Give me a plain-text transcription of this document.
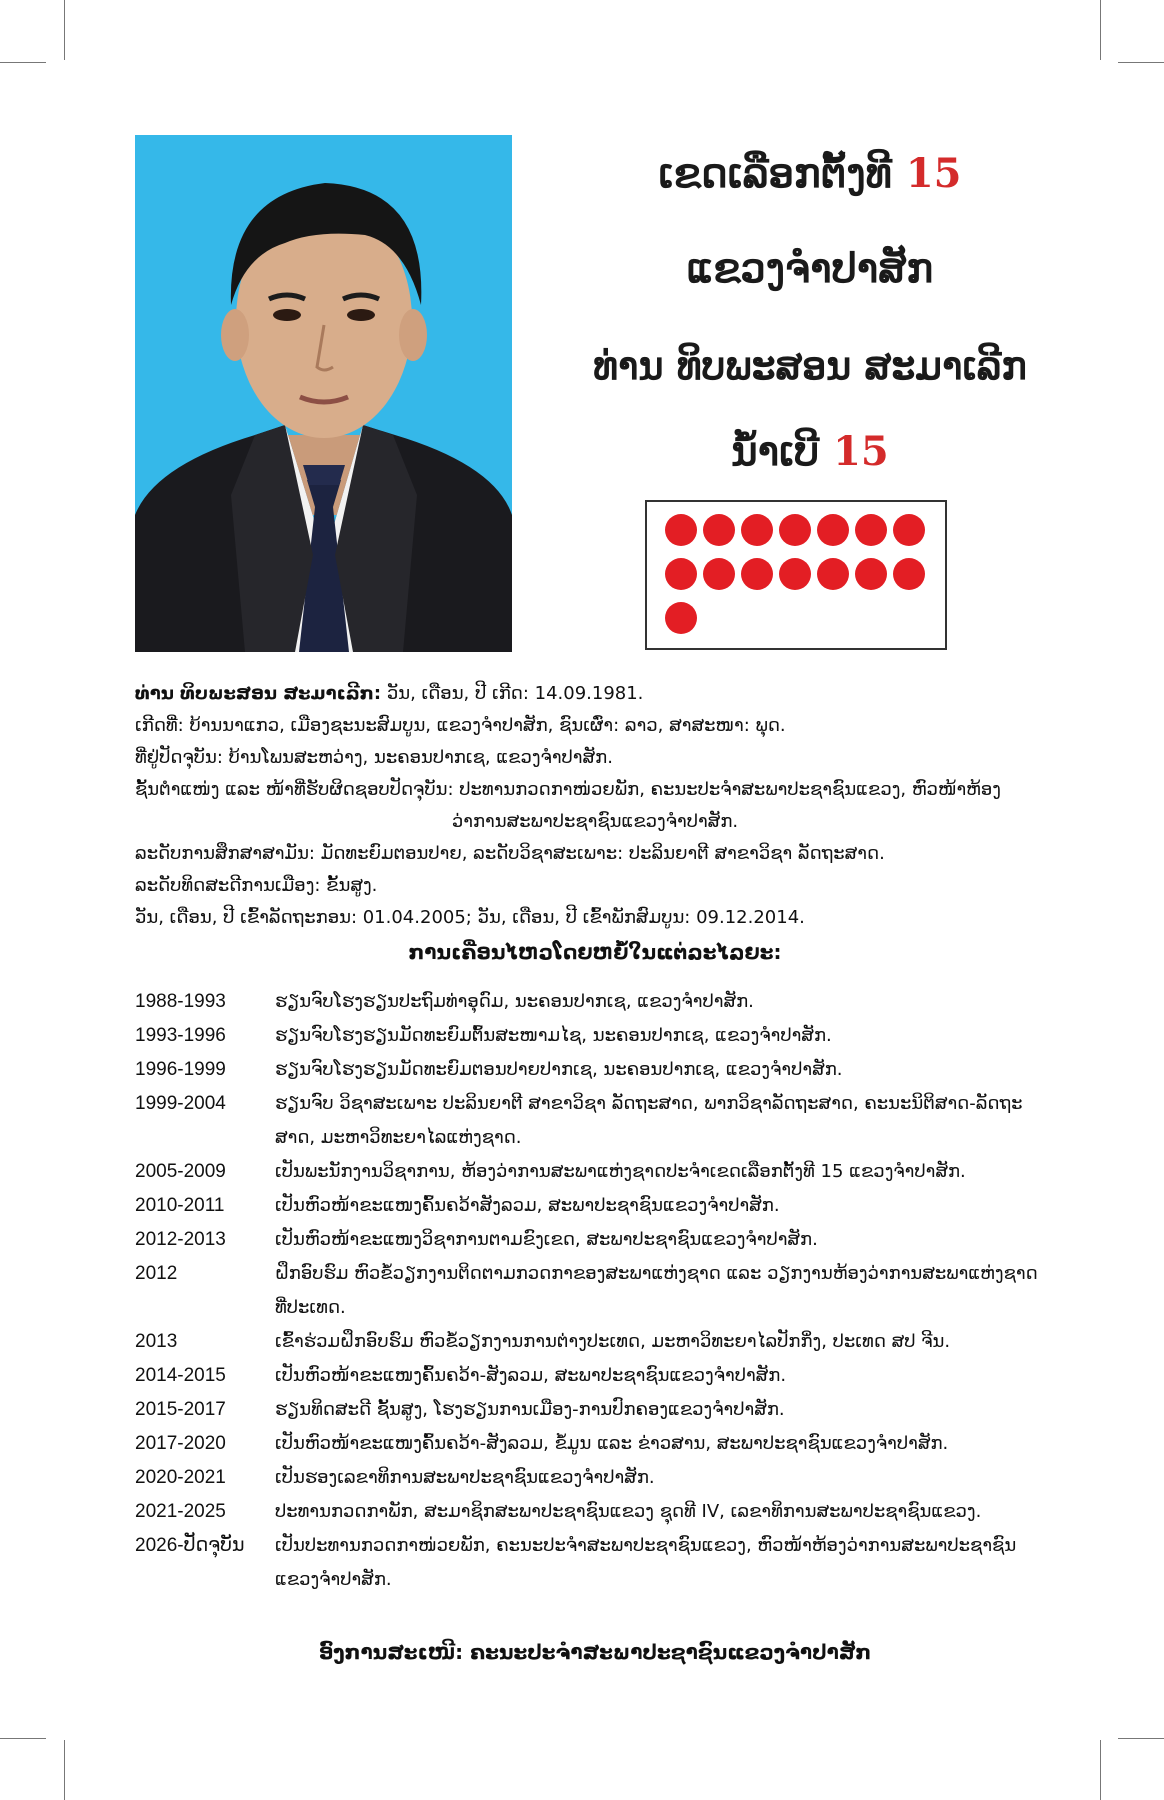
ເຂດເລືອກຕັ້ງທີ 15
ແຂວງຈຳປາສັກ
ທ່ານ ທິບພະສອນ ສະມາເລີກ
ນໍ້າເບີ 15
ທ່ານ ທິບພະສອນ ສະມາເລີກ: ວັນ, ເດືອນ, ປີ ເກີດ: 14.09.1981.
ເກີດທີ່: ບ້ານນາແກວ, ເມືອງຊະນະສົມບູນ, ແຂວງຈຳປາສັກ, ຊົນເຜົ່າ: ລາວ, ສາສະໜາ: ພຸດ.
ທີ່ຢູ່ປັດຈຸບັນ: ບ້ານໂພນສະຫວ່າງ, ນະຄອນປາກເຊ, ແຂວງຈຳປາສັກ.
ຊັ້ນຕຳແໜ່ງ ແລະ ໜ້າທີ່ຮັບຜິດຊອບປັດຈຸບັນ: ປະທານກວດກາໜ່ວຍພັກ, ຄະນະປະຈຳສະພາປະຊາຊົນແຂວງ, ຫົວໜ້າຫ້ອງ
ວ່າການສະພາປະຊາຊົນແຂວງຈຳປາສັກ.
ລະດັບການສຶກສາສາມັນ: ມັດທະຍົມຕອນປາຍ, ລະດັບວິຊາສະເພາະ: ປະລິນຍາຕີ ສາຂາວິຊາ ລັດຖະສາດ.
ລະດັບທິດສະດີການເມືອງ: ຂັ້ນສູງ.
ວັນ, ເດືອນ, ປີ ເຂົ້າລັດຖະກອນ: 01.04.2005; ວັນ, ເດືອນ, ປີ ເຂົ້າພັກສົມບູນ: 09.12.2014.
ການເຄື່ອນໄຫວໂດຍຫຍໍ້ໃນແຕ່ລະໄລຍະ:
1988-1993	ຮຽນຈົບໂຮງຮຽນປະຖົມທ່າອຸດົມ, ນະຄອນປາກເຊ, ແຂວງຈຳປາສັກ.
1993-1996	ຮຽນຈົບໂຮງຮຽນມັດທະຍົມຕົ້ນສະໜາມໄຊ, ນະຄອນປາກເຊ, ແຂວງຈຳປາສັກ.
1996-1999	ຮຽນຈົບໂຮງຮຽນມັດທະຍົມຕອນປາຍປາກເຊ, ນະຄອນປາກເຊ, ແຂວງຈຳປາສັກ.
1999-2004	ຮຽນຈົບ ວິຊາສະເພາະ ປະລິນຍາຕີ ສາຂາວິຊາ ລັດຖະສາດ, ພາກວິຊາລັດຖະສາດ, ຄະນະນິຕິສາດ-ລັດຖະ
ສາດ, ມະຫາວິທະຍາໄລແຫ່ງຊາດ.
2005-2009	ເປັນພະນັກງານວິຊາການ, ຫ້ອງວ່າການສະພາແຫ່ງຊາດປະຈຳເຂດເລືອກຕັ້ງທີ 15 ແຂວງຈຳປາສັກ.
2010-2011	ເປັນຫົວໜ້າຂະແໜງຄົ້ນຄວ້າສັງລວມ, ສະພາປະຊາຊົນແຂວງຈຳປາສັກ.
2012-2013	ເປັນຫົວໜ້າຂະແໜງວິຊາການຕາມຂົງເຂດ, ສະພາປະຊາຊົນແຂວງຈຳປາສັກ.
2012	ຝຶກອົບຮົມ ຫົວຂໍ້ວຽກງານຕິດຕາມກວດກາຂອງສະພາແຫ່ງຊາດ ແລະ ວຽກງານຫ້ອງວ່າການສະພາແຫ່ງຊາດ
ທີ່ປະເທດ.
2013	ເຂົ້າຮ່ວມຝຶກອົບຮົມ ຫົວຂໍ້ວຽກງານການຕ່າງປະເທດ, ມະຫາວິທະຍາໄລປັກກິ່ງ, ປະເທດ ສປ ຈີນ.
2014-2015	ເປັນຫົວໜ້າຂະແໜງຄົ້ນຄວ້າ-ສັງລວມ, ສະພາປະຊາຊົນແຂວງຈຳປາສັກ.
2015-2017	ຮຽນທິດສະດີ ຊັ້ນສູງ, ໂຮງຮຽນການເມືອງ-ການປົກຄອງແຂວງຈຳປາສັກ.
2017-2020	ເປັນຫົວໜ້າຂະແໜງຄົ້ນຄວ້າ-ສັງລວມ, ຂໍ້ມູນ ແລະ ຂ່າວສານ, ສະພາປະຊາຊົນແຂວງຈຳປາສັກ.
2020-2021	ເປັນຮອງເລຂາທິການສະພາປະຊາຊົນແຂວງຈຳປາສັກ.
2021-2025	ປະທານກວດກາພັກ, ສະມາຊິກສະພາປະຊາຊົນແຂວງ ຊຸດທີ IV, ເລຂາທິການສະພາປະຊາຊົນແຂວງ.
2026-ປັດຈຸບັນ	ເປັນປະທານກວດກາໜ່ວຍພັກ, ຄະນະປະຈຳສະພາປະຊາຊົນແຂວງ, ຫົວໜ້າຫ້ອງວ່າການສະພາປະຊາຊົນ
ແຂວງຈຳປາສັກ.
ອົງການສະເໜີ: ຄະນະປະຈຳສະພາປະຊາຊົນແຂວງຈຳປາສັກ
